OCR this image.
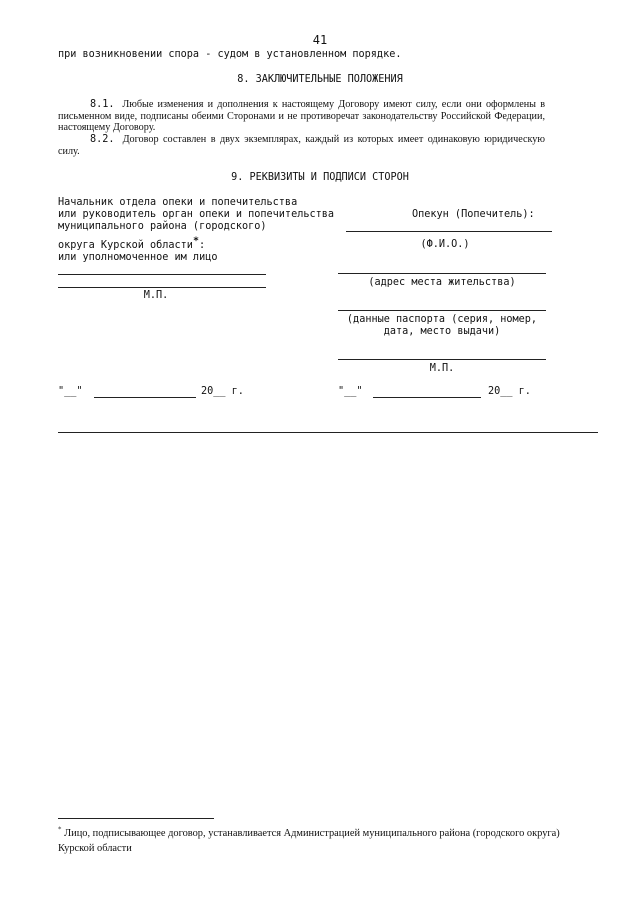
41
при возникновении спора - судом в установленном порядке.
8. ЗАКЛЮЧИТЕЛЬНЫЕ ПОЛОЖЕНИЯ
8.1. Любые изменения и дополнения к настоящему Договору имеют силу, если они оформлены в письменном виде, подписаны обеими Сторонами и не противоречат законодательству Российской Федерации, настоящему Договору.
8.2. Договор составлен в двух экземплярах, каждый из которых имеет одинаковую юридическую силу.
9. РЕКВИЗИТЫ И ПОДПИСИ СТОРОН
Начальник отдела опеки и попечительства
или руководитель орган опеки и попечительства
муниципального района (городского)
округа Курской области*:
или уполномоченное им лицо
М.П.
"__"	20__ г.
Опекун (Попечитель):
(Ф.И.О.)
(адрес места жительства)
(данные паспорта (серия, номер,
дата, место выдачи)
М.П.
"__"	20__ г.
* Лицо, подписывающее договор, устанавливается Администрацией муниципального района (городского округа) Курской области
